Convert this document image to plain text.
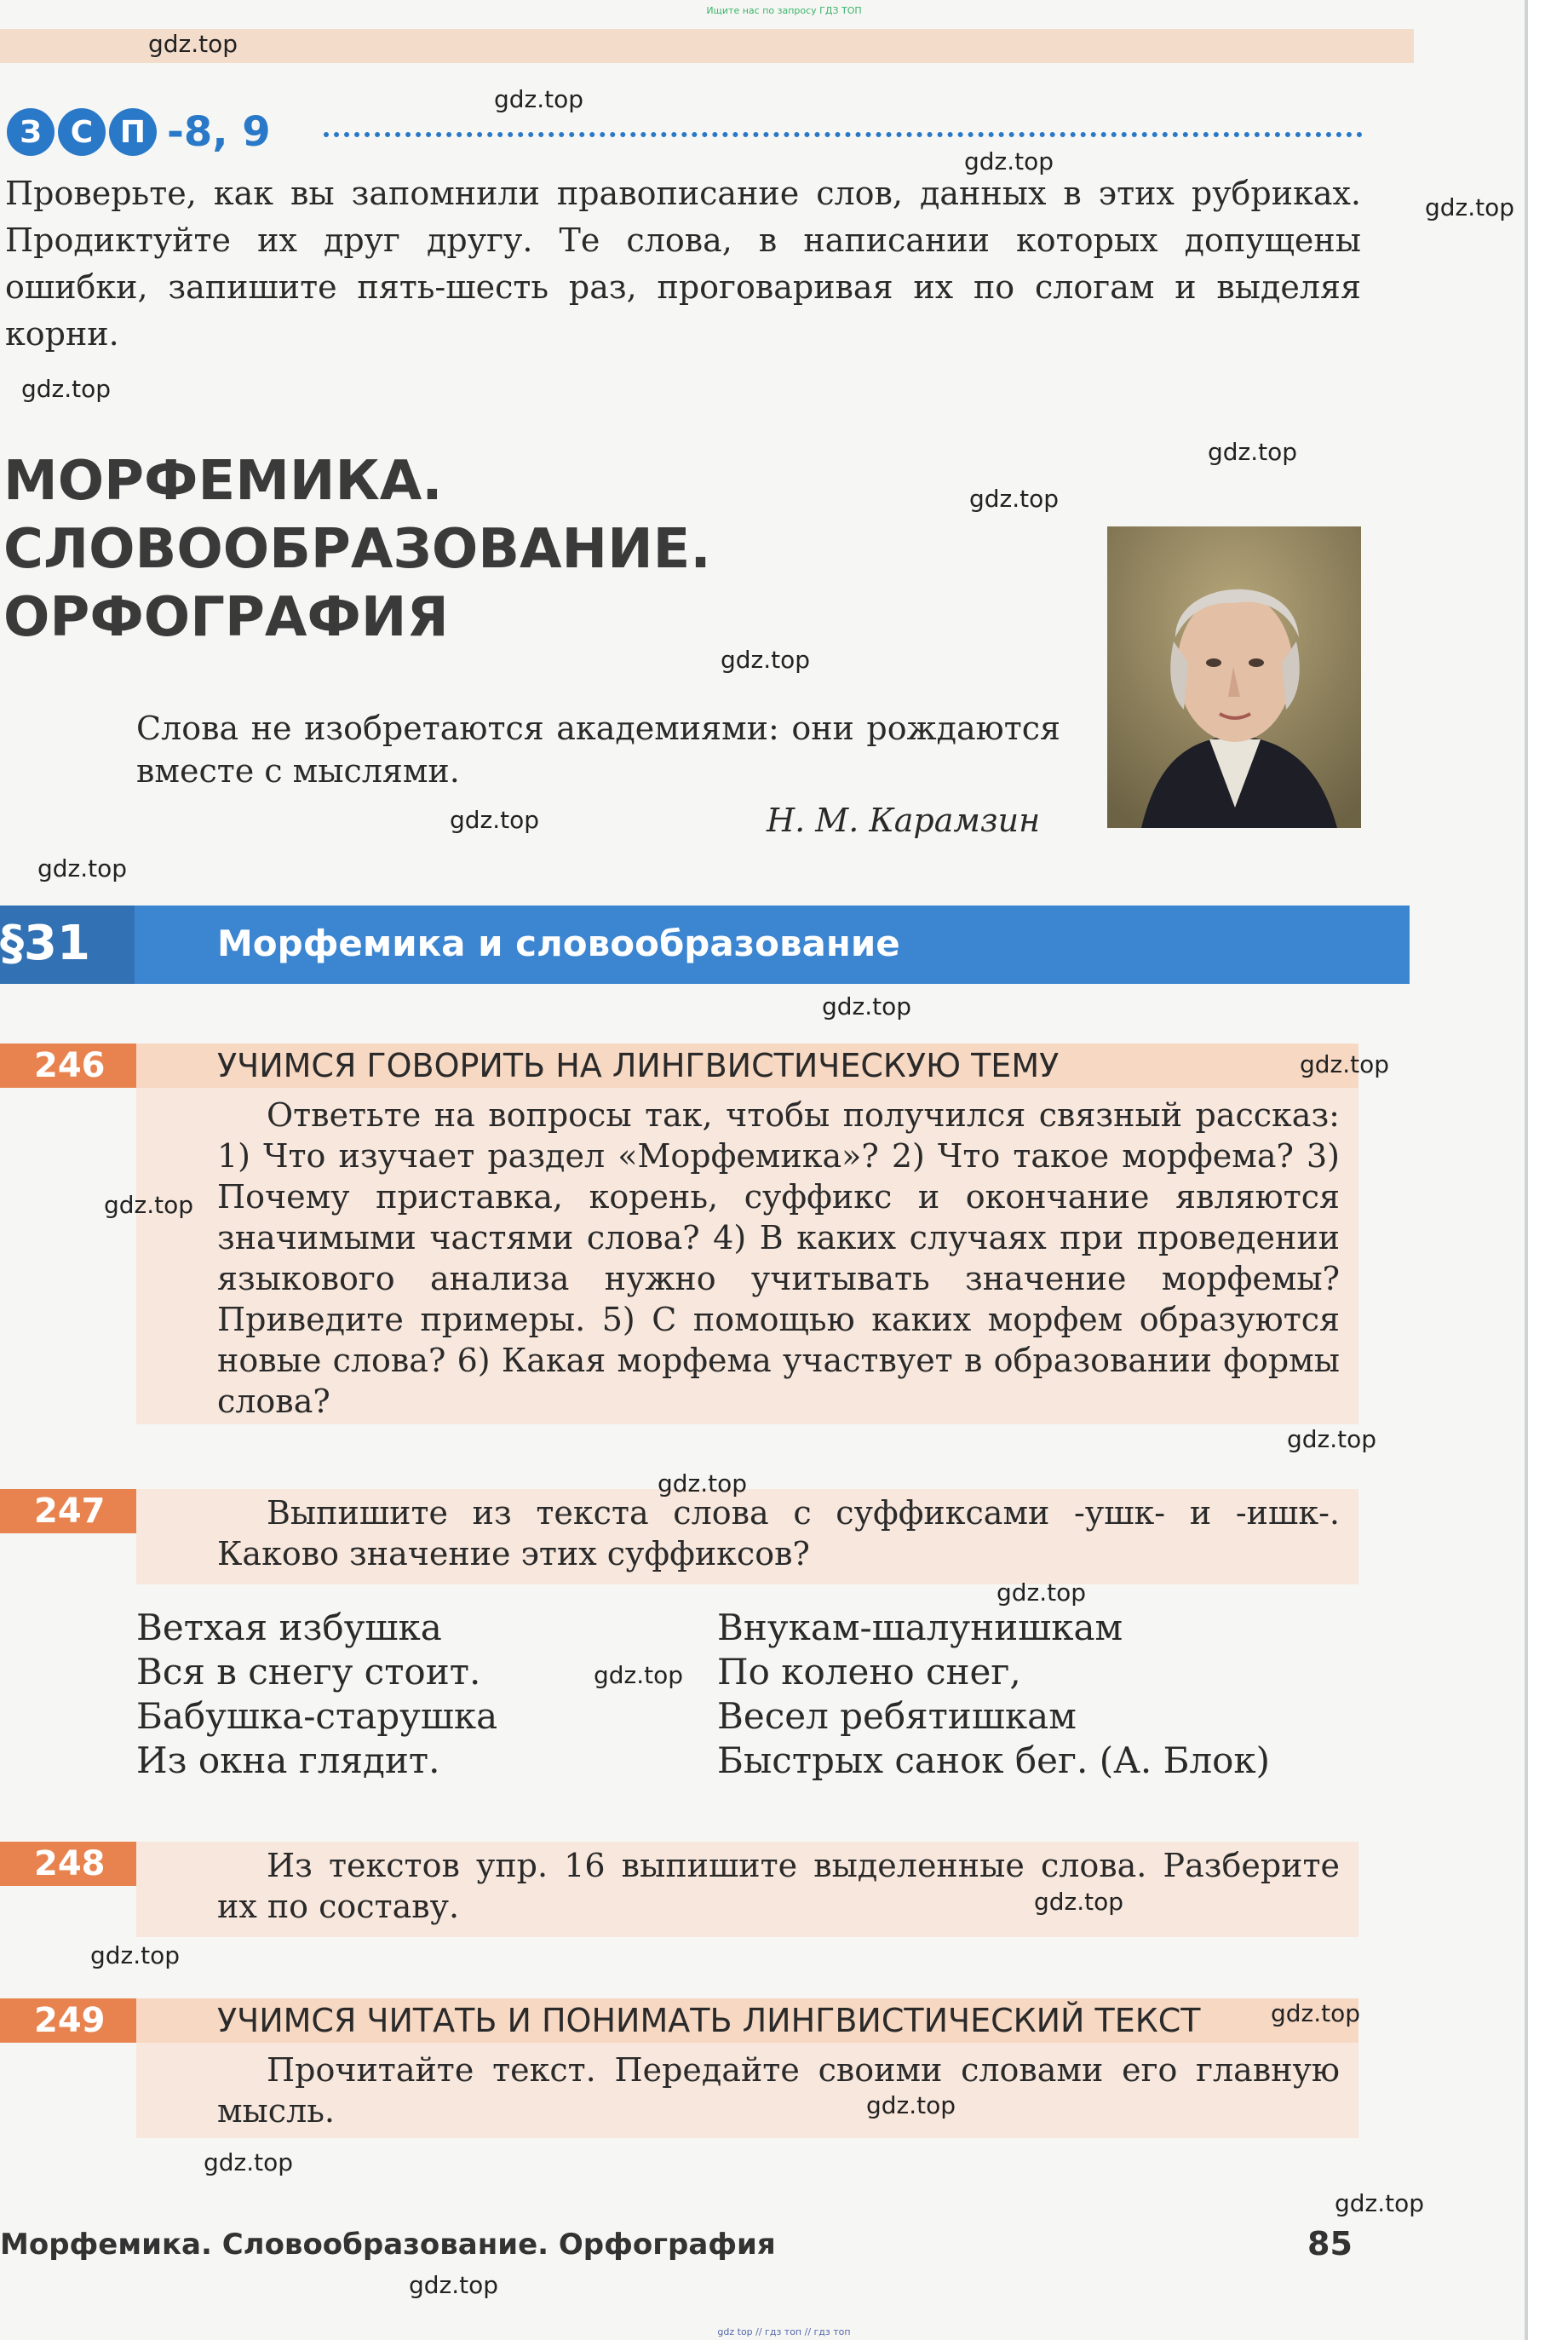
Ищите нас по запросу ГДЗ ТОП
З С П -8, 9

Проверьте, как вы запомнили правописание слов, данных в этих рубриках. Продиктуйте их друг другу. Те слова, в написании которых допущены ошибки, запишите пять-шесть раз, проговаривая их по слогам и выделяя корни.

МОРФЕМИКА.
СЛОВООБРАЗОВАНИЕ.
ОРФОГРАФИЯ
Слова не изобретаются академиями: они рождаются вместе с мыслями.
Н. М. Карамзин
§31	Морфемика и словообразование
246	УЧИМСЯ ГОВОРИТЬ НА ЛИНГВИСТИЧЕСКУЮ ТЕМУ

Ответьте на вопросы так, чтобы получился связный рассказ: 1) Что изучает раздел «Морфемика»? 2) Что такое морфема? 3) Почему приставка, корень, суффикс и окончание являются значимыми частями слова? 4) В каких случаях при проведении языкового анализа нужно учитывать значение морфемы? Приведите примеры. 5) С помощью каких морфем образуются новые слова? 6) Какая морфема участвует в образовании формы слова?

247	Выпишите из текста слова с суффиксами -ушк- и -ишк-. Каково значение этих суффиксов?

Ветхая избушка
Вся в снегу стоит.
Бабушка-старушка
Из окна глядит.
Внукам-шалунишкам
По колено снег,
Весел ребятишкам
Быстрых санок бег. (А. Блок)
248	Из текстов упр. 16 выпишите выделенные слова. Разберите их по составу.

249	УЧИМСЯ ЧИТАТЬ И ПОНИМАТЬ ЛИНГВИСТИЧЕСКИЙ ТЕКСТ

Прочитайте текст. Передайте своими словами его главную мысль.

Морфемика. Словообразование. Орфография	85
gdz top // гдз топ // гдз топ
gdz.top
gdz.top
gdz.top
gdz.top
gdz.top
gdz.top
gdz.top
gdz.top
gdz.top
gdz.top
gdz.top
gdz.top
gdz.top
gdz.top
gdz.top
gdz.top
gdz.top
gdz.top
gdz.top
gdz.top
gdz.top
gdz.top
gdz.top
gdz.top
